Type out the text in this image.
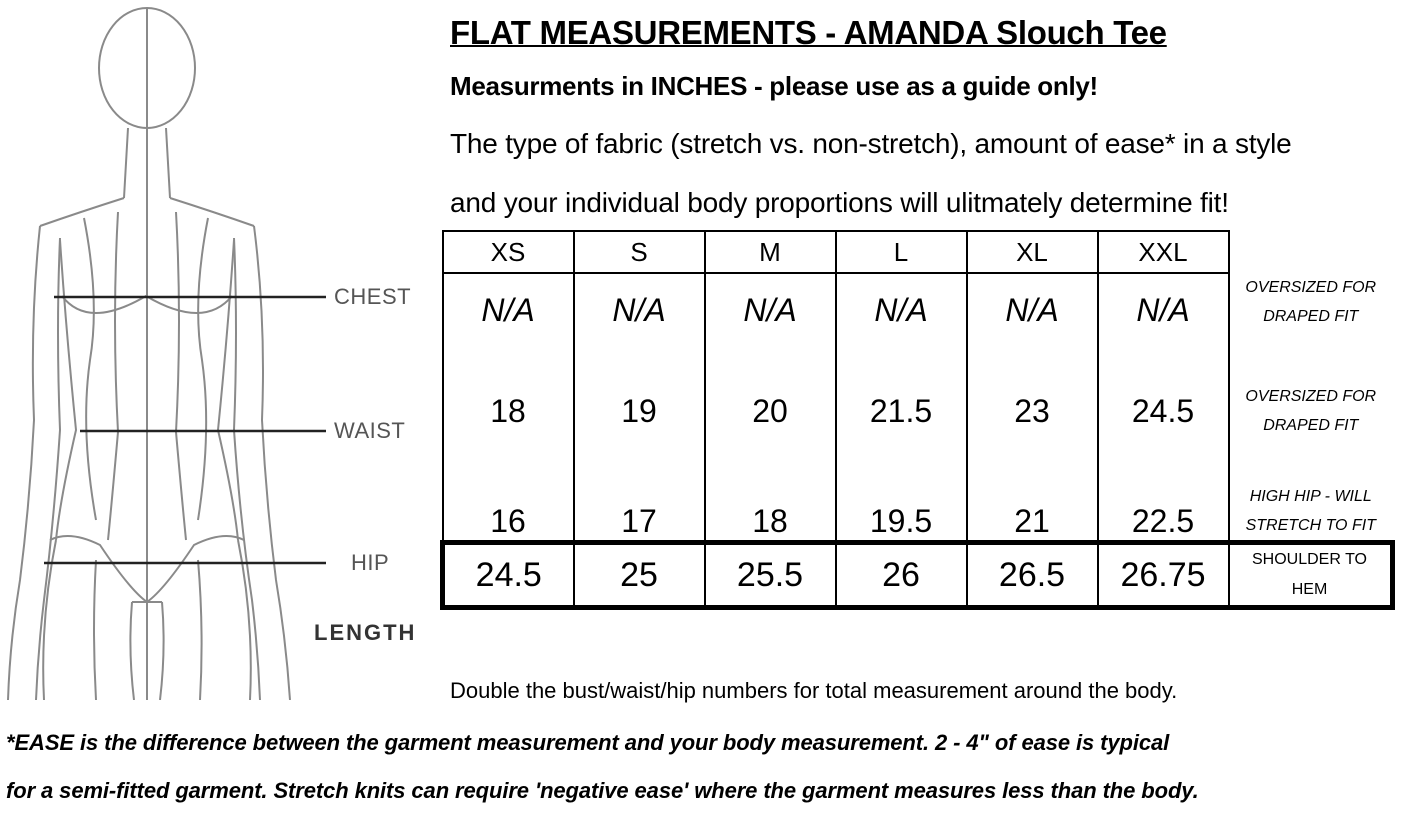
CHEST
WAIST
HIP
LENGTH
FLAT MEASUREMENTS - AMANDA Slouch Tee
Measurments in INCHES - please use as a guide only!
The type of fabric (stretch vs. non-stretch), amount of ease* in a style
and your individual body proportions will ulitmately determine fit!
XS	S	M	L	XL	XXL	
N/A	N/A	N/A	N/A	N/A	N/A	OVERSIZED FOR
DRAPED FIT

18	19	20	21.5	23	24.5	OVERSIZED FOR
DRAPED FIT

16	17	18	19.5	21	22.5	HIGH HIP - WILL
STRETCH TO FIT

24.5	25	25.5	26	26.5	26.75	SHOULDER TO
HEM
Double the bust/waist/hip numbers for total measurement around the body.
*EASE is the difference between the garment measurement and your body measurement. 2 - 4" of ease is typical
for a semi-fitted garment. Stretch knits can require 'negative ease' where the garment measures less than the body.
